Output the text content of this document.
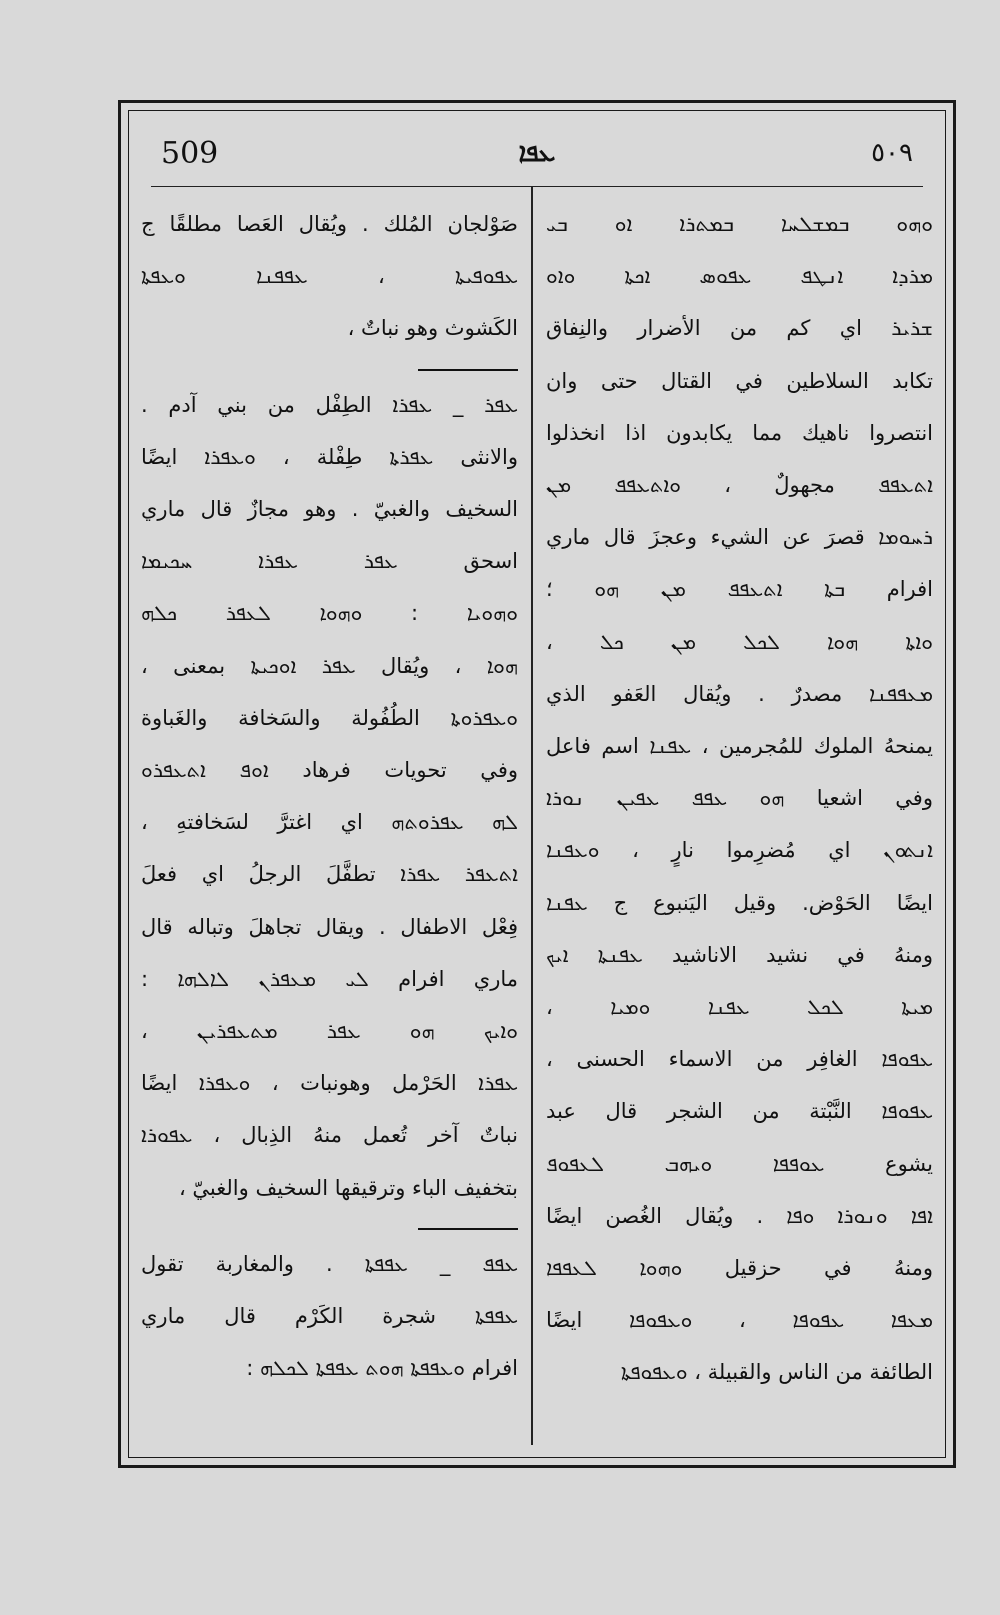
509	ܥܦܐ	٥٠٩
ܘܗܘ ܒܡܫܠܚܐ ܒܡܬܪܐ ܐܘ ܒܝ
ܡܪܕܐ ܐܢܛܦ ܥܦܘܣ ܐܟܬܐ ܘܐܘ
ܫܪܝܪ اي كم من الأضرار والنِفاق
تكابد السلاطين في القتال حتى وان
انتصروا ناهيك مما يكابدون اذا انخذلوا
ܐܬܥܦܦ مجهولٌ ، ܘܐܬܥܦܦ ܡܢ
ܪܚܘܡܐ قصرَ عن الشيء وعجزَ قال ماري
افرام ܒܬܐ ܐܬܥܦܦ ܡܢ ܗܘ ؛
ܘܐܬܐ ܗܘܐ ܠܟܠ ܡܢ ܟܠ ،
ܡܥܦܦܢܐ مصدرٌ . ويُقال العَفو الذي
يمنحهُ الملوك للمُجرمين ، ܥܦܢܐ اسم فاعل
وفي اشعيا ܗܘ ܥܦܦ ܥܦܝܢ ܢܘܪܐ
ܐܢܬܘܢ اي مُضرِموا نارٍ ، ܘܥܦܢܐ
ايضًا الحَوْض. وقيل اليَنبوع ج ܥܦܢܐ
ومنهُ في نشيد الاناشيد ܥܦܢܬܐ ܐܝܟ
ܡܝܬܐ ܠܟܠ ܥܦܢܐ ܘܡܝܐ ،
ܥܦܘܦܐ الغافِر من الاسماء الحسنى ،
ܥܦܘܦܐ النَّبْتة من الشجر قال عبد
يشوع ܥܘܦܦܐ ܘܝܗܒ ܠܥܦܘܦ
ܐܦܐ ܘܢܘܪܐ ܘܦܐ . ويُقال الغُصن ايضًا
ومنهُ في حزقيل ܘܗܘܐ ܠܥܦܦܐ
ܡܥܦܐ ܥܦܘܦܐ ، ܘܥܦܘܦܐ ايضًا
الطائفة من الناس والقبيلة ، ܘܥܦܘܦܬܐ
صَوْلجان المُلك . ويُقال العَصا مطلقًا ج
ܥܦܘܦܝܬܐ ، ܥܦܦܢܐ ܘܥܦܬܐ
الكَشوث وهو نباتٌ ،
ܥܦܪ _ ܥܦܪܐ الطِفْل من بني آدم .
والانثى ܥܦܪܬܐ طِفْلة ، ܘܥܦܪܐ ايضًا
السخيف والغبيّ . وهو مجازٌ قال ماري
اسحق ܥܦܪ ܥܦܪܐ ܚܟܝܡܐ
ܘܗܘܝܐ : ܘܗܘܐ ܠܥܦܪ ܟܠܗ
ܗܘܐ ، ويُقال ܥܦܪ ܐܘܟܝܬܐ بمعنى ،
ܘܥܦܪܘܬܐ الطُفُولة والسَخافة والغَباوة
وفي تحويات فرهاد ܐܘܦ ܐܬܥܦܪܘ
ܠܗ ܥܦܪܘܬܗ اي اغترَّ لسَخافتهِ ،
ܐܬܥܦܪ ܥܦܪܐ تطفَّلَ الرجلُ اي فعلَ
فِعْل الاطفال . ويقال تجاهلَ وتباله قال
ماري افرام ܠܝ ܡܥܦܪܢ ܠܐܠܗܐ :
ܘܐܝܟ ܗܘ ܥܦܪ ܡܬܥܦܪܝܢ ،
ܥܦܪܐ الحَرْمل وهونبات ، ܘܥܦܪܐ ايضًا
نباتٌ آخر تُعمل منهُ الذِبال ، ܥܦܘܪܐ
بتخفيف الباء وترقيقها السخيف والغبيّ ،
ܥܦܦ _ ܥܦܦܬܐ . والمغاربة تقول
ܥܦܦܬܐ شجرة الكَرْم قال ماري
افرام ܘܥܦܦܬܐ ܗܘܬ ܥܦܦܬܐ ܠܟܠܗ :
